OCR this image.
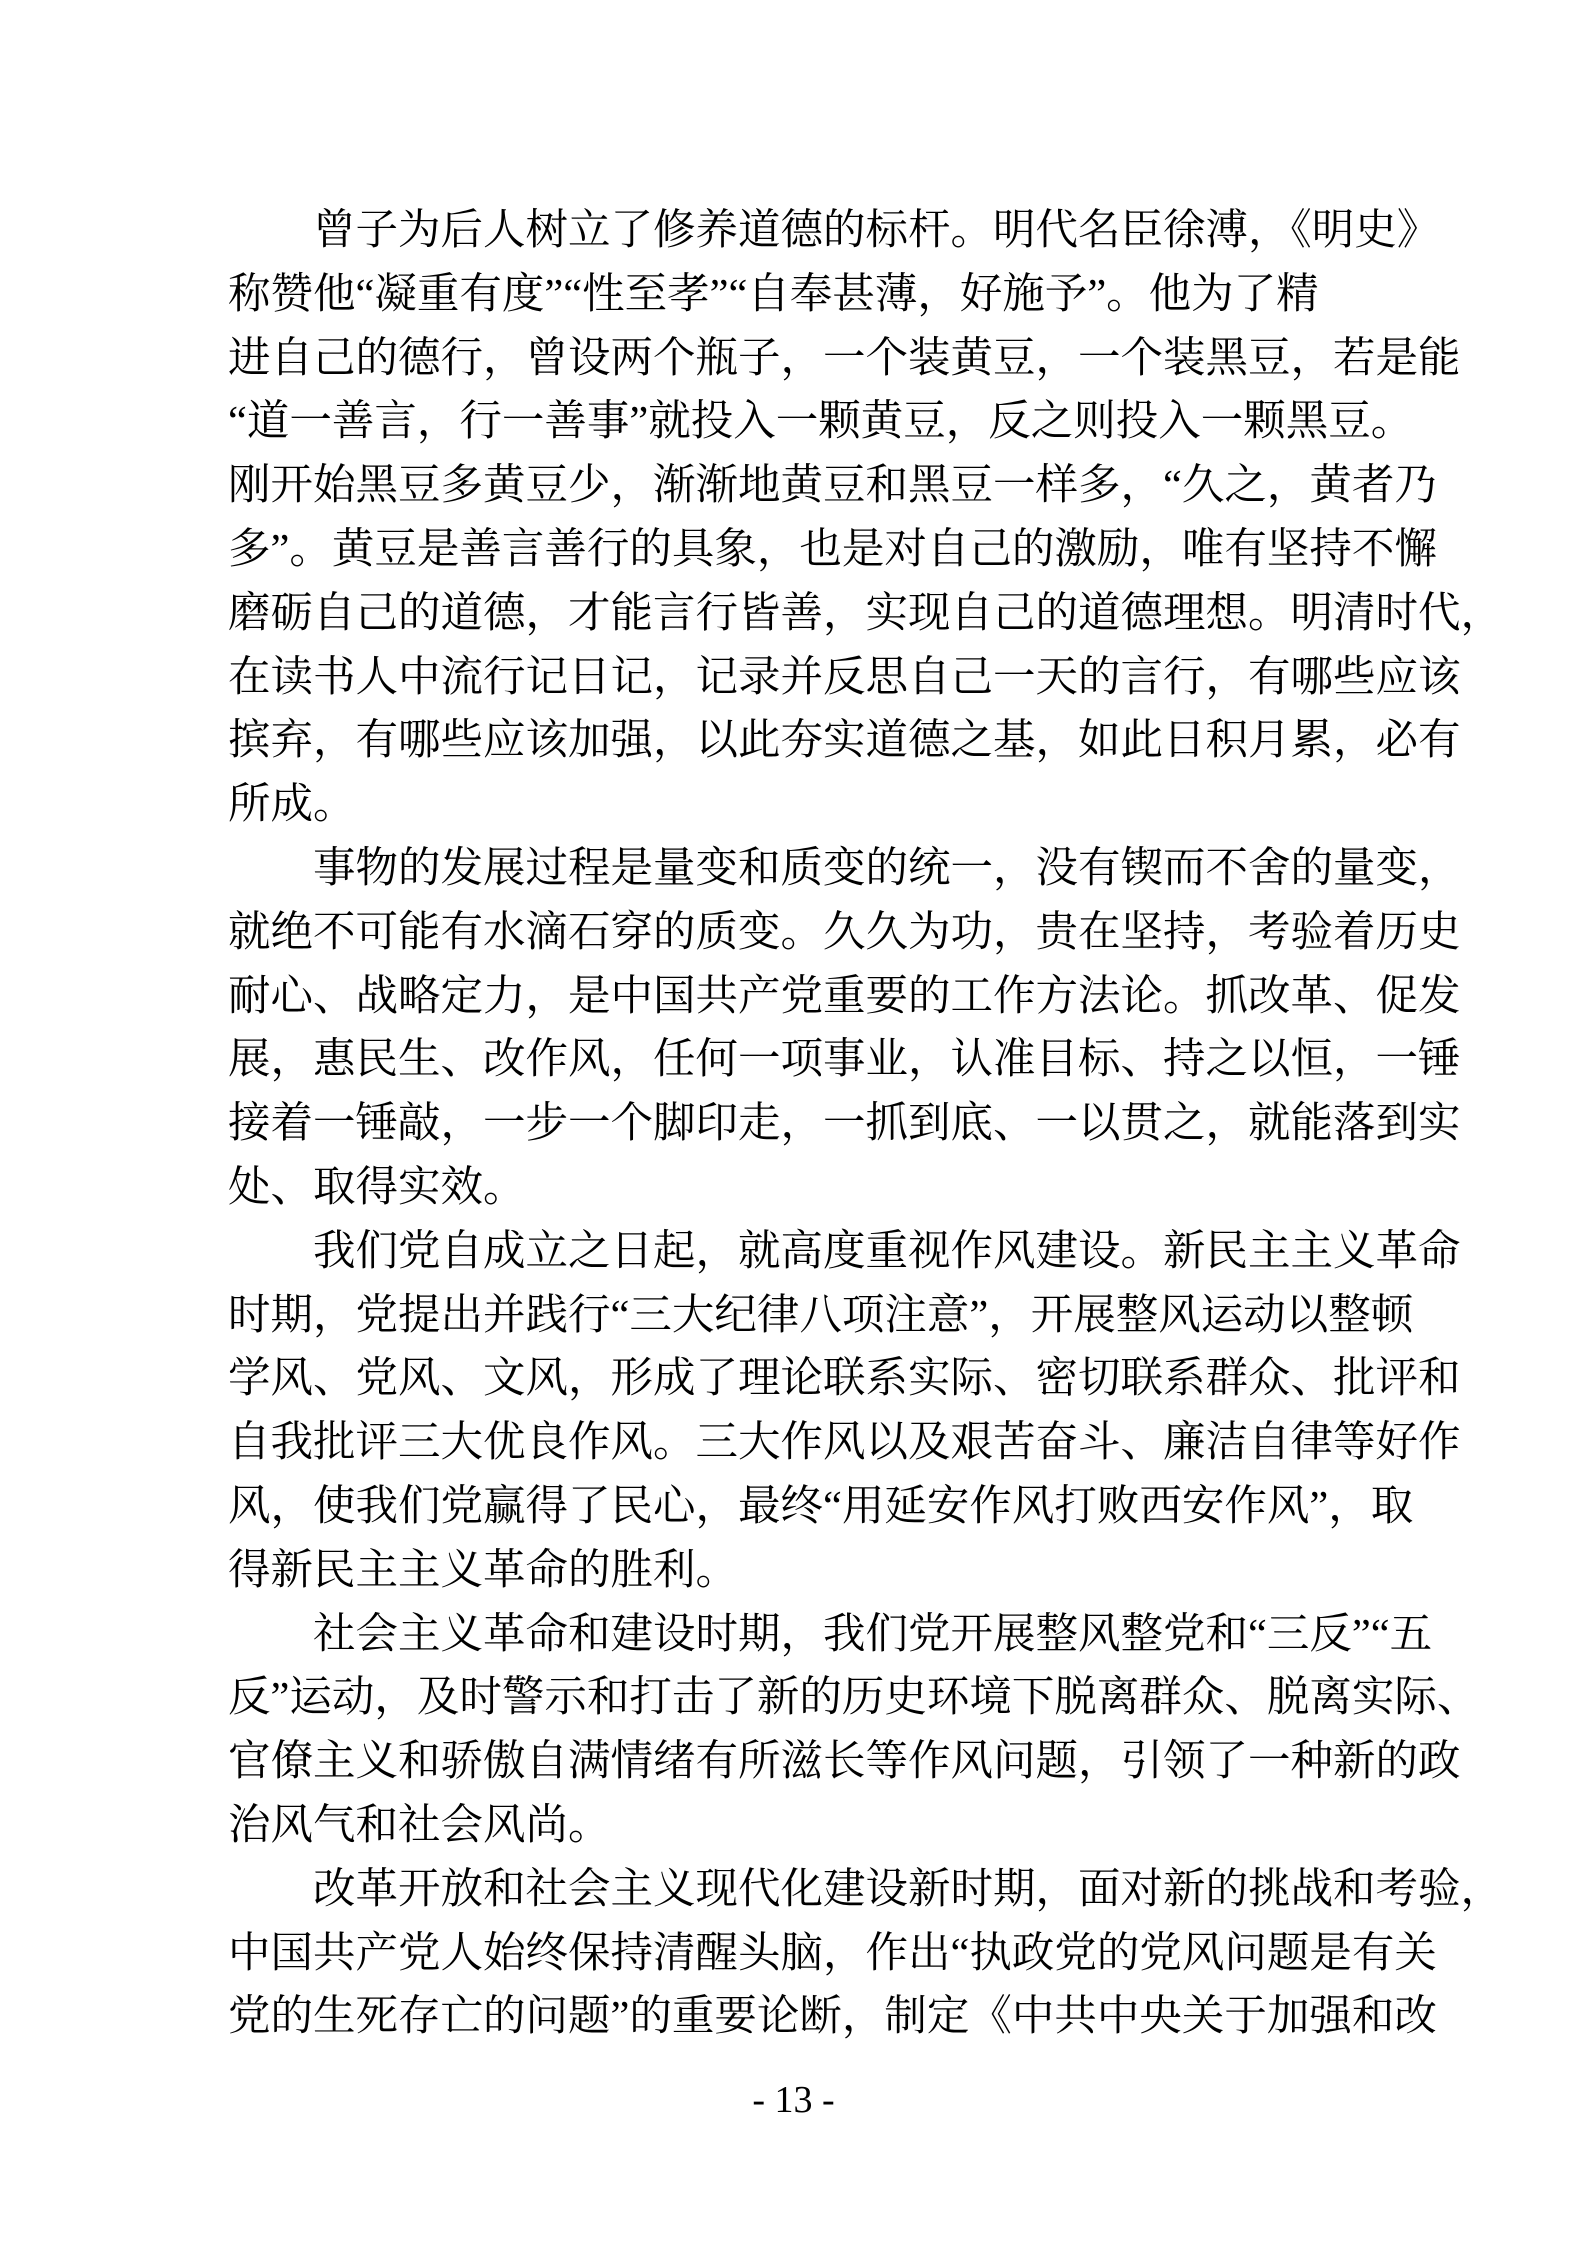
曾子为后人树立了修养道德的标杆。明代名臣徐溥，《明史》
称赞他“凝重有度”“性至孝”“自奉甚薄，好施予”。他为了精
进自己的德行，曾设两个瓶子，一个装黄豆，一个装黑豆，若是能
“道一善言，行一善事”就投入一颗黄豆，反之则投入一颗黑豆。
刚开始黑豆多黄豆少，渐渐地黄豆和黑豆一样多，“久之，黄者乃
多”。黄豆是善言善行的具象，也是对自己的激励，唯有坚持不懈
磨砺自己的道德，才能言行皆善，实现自己的道德理想。明清时代，
在读书人中流行记日记，记录并反思自己一天的言行，有哪些应该
摈弃，有哪些应该加强，以此夯实道德之基，如此日积月累，必有
所成。
事物的发展过程是量变和质变的统一，没有锲而不舍的量变，
就绝不可能有水滴石穿的质变。久久为功，贵在坚持，考验着历史
耐心、战略定力，是中国共产党重要的工作方法论。抓改革、促发
展，惠民生、改作风，任何一项事业，认准目标、持之以恒，一锤
接着一锤敲，一步一个脚印走，一抓到底、一以贯之，就能落到实
处、取得实效。
我们党自成立之日起，就高度重视作风建设。新民主主义革命
时期，党提出并践行“三大纪律八项注意”，开展整风运动以整顿
学风、党风、文风，形成了理论联系实际、密切联系群众、批评和
自我批评三大优良作风。三大作风以及艰苦奋斗、廉洁自律等好作
风，使我们党赢得了民心，最终“用延安作风打败西安作风”，取
得新民主主义革命的胜利。
社会主义革命和建设时期，我们党开展整风整党和“三反”“五
反”运动，及时警示和打击了新的历史环境下脱离群众、脱离实际、
官僚主义和骄傲自满情绪有所滋长等作风问题，引领了一种新的政
治风气和社会风尚。
改革开放和社会主义现代化建设新时期，面对新的挑战和考验，
中国共产党人始终保持清醒头脑，作出“执政党的党风问题是有关
党的生死存亡的问题”的重要论断，制定《中共中央关于加强和改
- 13 -
